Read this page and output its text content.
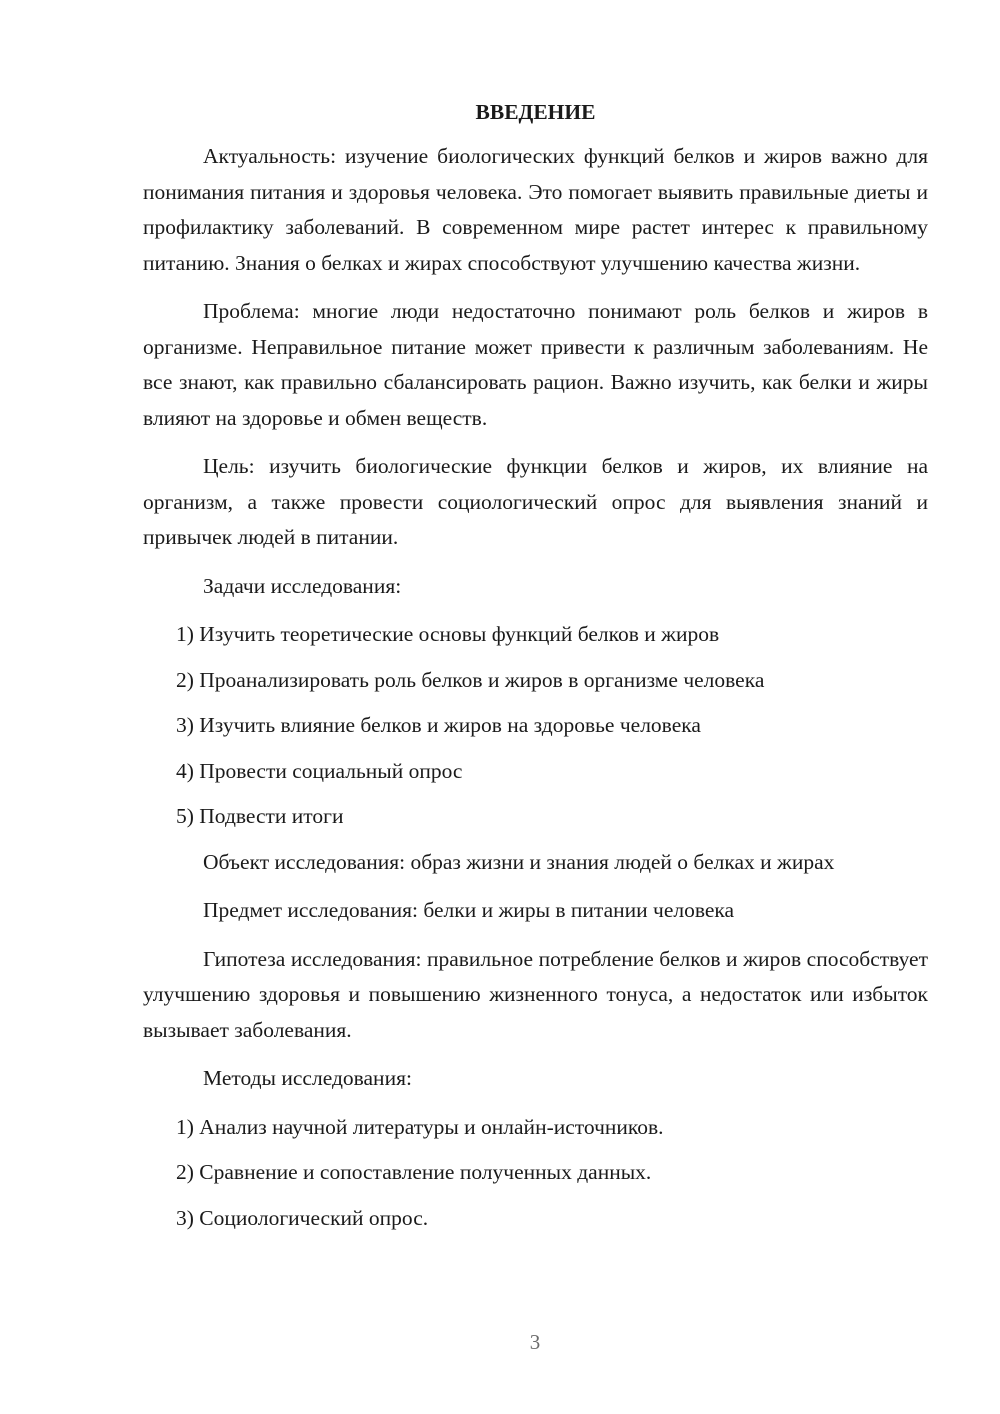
ВВЕДЕНИЕ
Актуальность: изучение биологических функций белков и жиров важно для понимания питания и здоровья человека. Это помогает выявить правильные диеты и профилактику заболеваний. В современном мире растет интерес к правильному питанию. Знания о белках и жирах способствуют улучшению качества жизни.
Проблема: многие люди недостаточно понимают роль белков и жиров в организме. Неправильное питание может привести к различным заболеваниям. Не все знают, как правильно сбалансировать рацион. Важно изучить, как белки и жиры влияют на здоровье и обмен веществ.
Цель: изучить биологические функции белков и жиров, их влияние на организм, а также провести социологический опрос для выявления знаний и привычек людей в питании.
Задачи исследования:
1) Изучить теоретические основы функций белков и жиров
2) Проанализировать роль белков и жиров в организме человека
3) Изучить влияние белков и жиров на здоровье человека
4) Провести социальный опрос
5) Подвести итоги
Объект исследования: образ жизни и знания людей о белках и жирах
Предмет исследования: белки и жиры в питании человека
Гипотеза исследования: правильное потребление белков и жиров способствует улучшению здоровья и повышению жизненного тонуса, а недостаток или избыток вызывает заболевания.
Методы исследования:
1) Анализ научной литературы и онлайн-источников.
2) Сравнение и сопоставление полученных данных.
3) Социологический опрос.
3
